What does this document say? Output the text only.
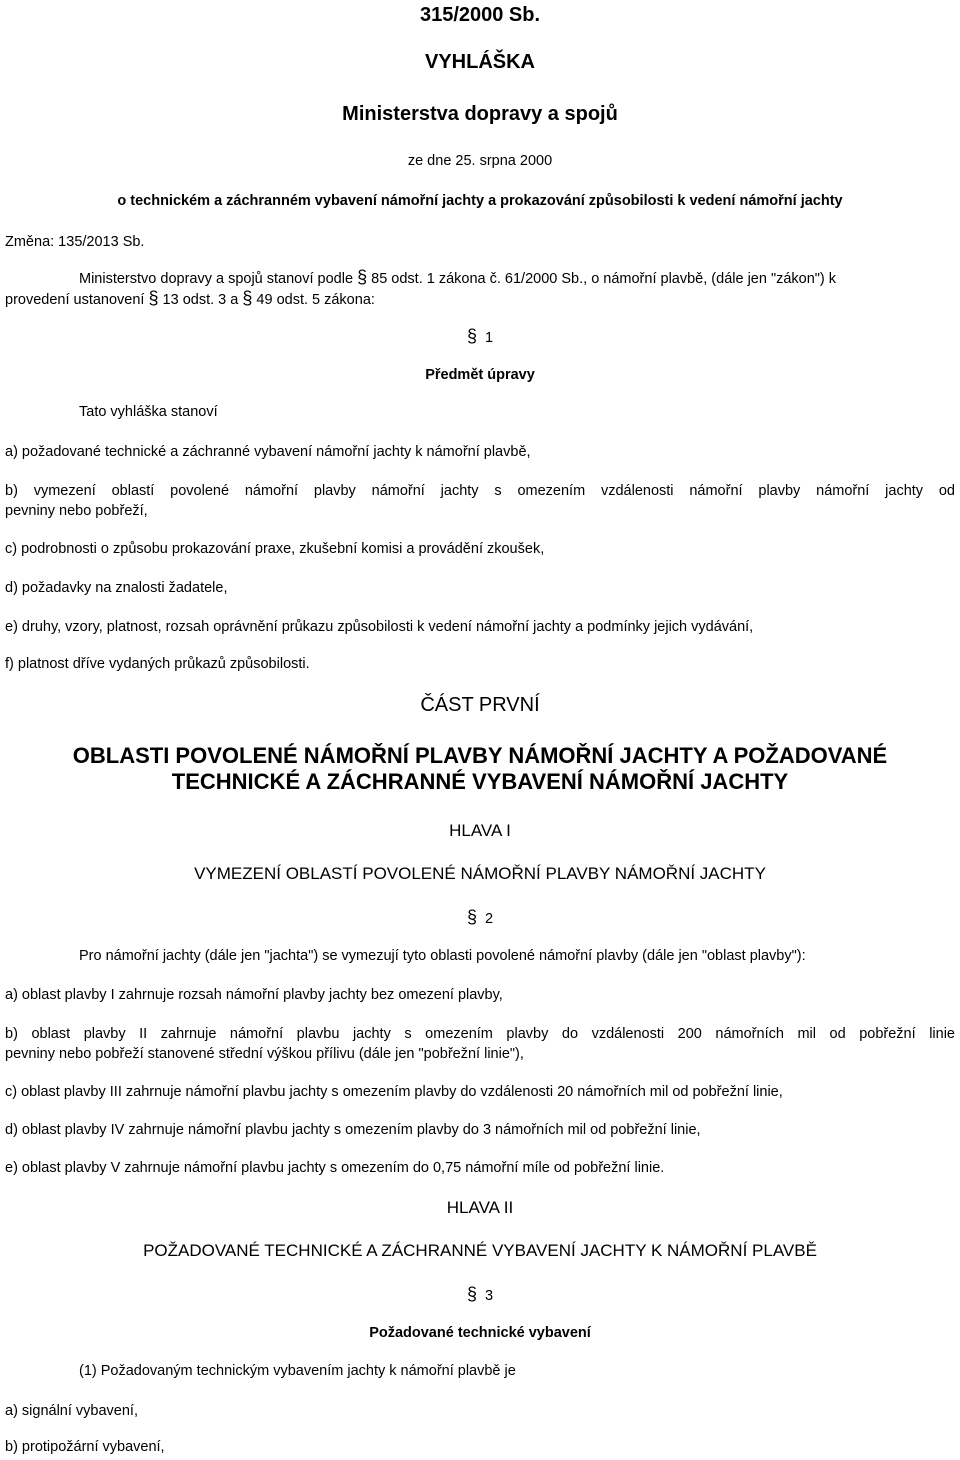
315/2000 Sb.
VYHLÁŠKA
Ministerstva dopravy a spojů
ze dne 25. srpna 2000
o technickém a záchranném vybavení námořní jachty a prokazování způsobilosti k vedení námořní jachty
Změna: 135/2013 Sb.
Ministerstvo dopravy a spojů stanoví podle § 85 odst. 1 zákona č. 61/2000 Sb., o námořní plavbě, (dále jen "zákon") k
provedení ustanovení § 13 odst. 3 a § 49 odst. 5 zákona:
§ 1
Předmět úpravy
Tato vyhláška stanoví
a) požadované technické a záchranné vybavení námořní jachty k námořní plavbě,
b) vymezení oblastí povolené námořní plavby námořní jachty s omezením vzdálenosti námořní plavby námořní jachty od
pevniny nebo pobřeží,
c) podrobnosti o způsobu prokazování praxe, zkušební komisi a provádění zkoušek,
d) požadavky na znalosti žadatele,
e) druhy, vzory, platnost, rozsah oprávnění průkazu způsobilosti k vedení námořní jachty a podmínky jejich vydávání,
f) platnost dříve vydaných průkazů způsobilosti.
ČÁST PRVNÍ
OBLASTI POVOLENÉ NÁMOŘNÍ PLAVBY NÁMOŘNÍ JACHTY A POŽADOVANÉ
TECHNICKÉ A ZÁCHRANNÉ VYBAVENÍ NÁMOŘNÍ JACHTY
HLAVA I
VYMEZENÍ OBLASTÍ POVOLENÉ NÁMOŘNÍ PLAVBY NÁMOŘNÍ JACHTY
§ 2
Pro námořní jachty (dále jen "jachta") se vymezují tyto oblasti povolené námořní plavby (dále jen "oblast plavby"):
a) oblast plavby I zahrnuje rozsah námořní plavby jachty bez omezení plavby,
b) oblast plavby II zahrnuje námořní plavbu jachty s omezením plavby do vzdálenosti 200 námořních mil od pobřežní linie
pevniny nebo pobřeží stanovené střední výškou přílivu (dále jen "pobřežní linie"),
c) oblast plavby III zahrnuje námořní plavbu jachty s omezením plavby do vzdálenosti 20 námořních mil od pobřežní linie,
d) oblast plavby IV zahrnuje námořní plavbu jachty s omezením plavby do 3 námořních mil od pobřežní linie,
e) oblast plavby V zahrnuje námořní plavbu jachty s omezením do 0,75 námořní míle od pobřežní linie.
HLAVA II
POŽADOVANÉ TECHNICKÉ A ZÁCHRANNÉ VYBAVENÍ JACHTY K NÁMOŘNÍ PLAVBĚ
§ 3
Požadované technické vybavení
(1) Požadovaným technickým vybavením jachty k námořní plavbě je
a) signální vybavení,
b) protipožární vybavení,
